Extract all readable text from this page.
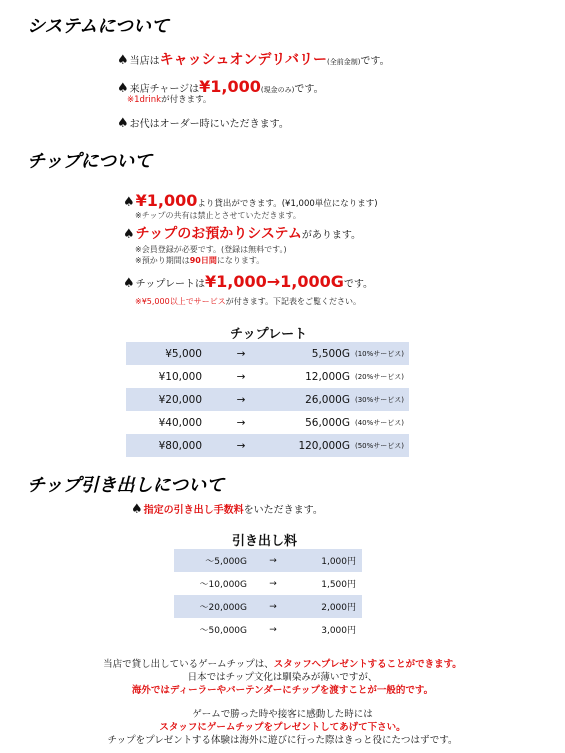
システムについて
♠当店はキャッシュオンデリバリー(全前金制)です。
♠来店チャージは¥1,000(現金のみ)です。
※1drinkが付きます。
♠お代はオーダー時にいただきます。
チップについて
♠¥1,000より貸出ができます。(¥1,000単位になります)
※チップの共有は禁止とさせていただきます。
♠チップのお預かりシステムがあります。
※会員登録が必要です。(登録は無料です。)
※預かり期間は90日間になります。
♠チップレートは¥1,000→1,000Gです。
※¥5,000以上でサービスが付きます。下記表をご覧ください。
チップレート
¥5,000	→	5,500G	(10%サービス)
¥10,000	→	12,000G	(20%サービス)
¥20,000	→	26,000G	(30%サービス)
¥40,000	→	56,000G	(40%サービス)
¥80,000	→	120,000G	(50%サービス)
チップ引き出しについて
♠指定の引き出し手数料をいただきます。
引き出し料
～5,000G	→	1,000円
～10,000G	→	1,500円
～20,000G	→	2,000円
～50,000G	→	3,000円
当店で貸し出しているゲームチップは、スタッフへプレゼントすることができます。
日本ではチップ文化は馴染みが薄いですが、
海外ではディーラーやバーテンダーにチップを渡すことが一般的です。
ゲームで勝った時や接客に感動した時には
スタッフにゲームチップをプレゼントしてあげて下さい。
チップをプレゼントする体験は海外に遊びに行った際はきっと役にたつはずです。
